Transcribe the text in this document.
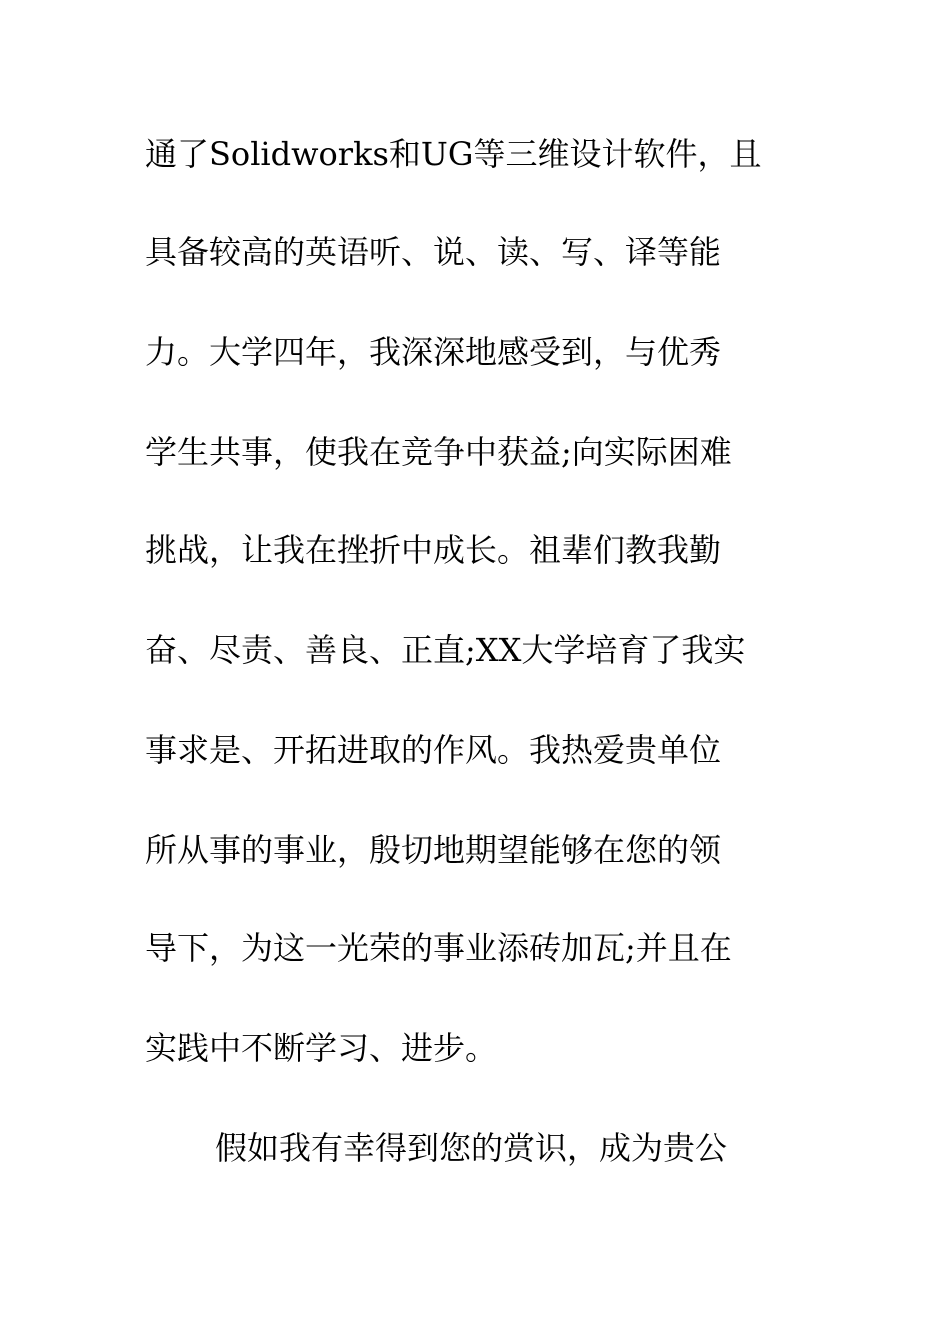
通了Solidworks和UG等三维设计软件，且
具备较高的英语听、说、读、写、译等能
力。大学四年，我深深地感受到，与优秀
学生共事，使我在竞争中获益;向实际困难
挑战，让我在挫折中成长。祖辈们教我勤
奋、尽责、善良、正直;XX大学培育了我实
事求是、开拓进取的作风。我热爱贵单位
所从事的事业，殷切地期望能够在您的领
导下，为这一光荣的事业添砖加瓦;并且在
实践中不断学习、进步。
假如我有幸得到您的赏识，成为贵公
